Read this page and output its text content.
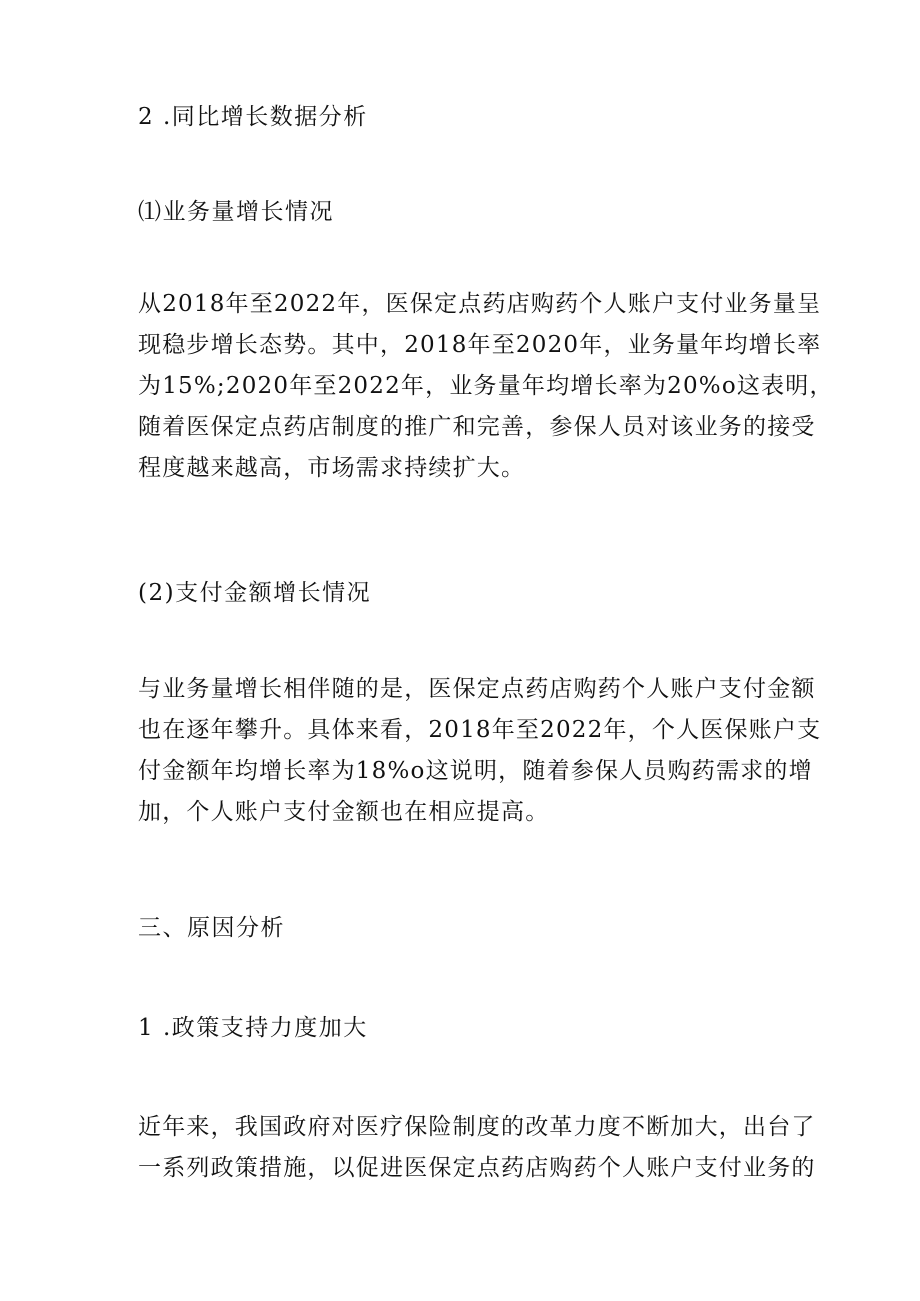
2 .同比增长数据分析
⑴业务量增长情况
从2018年至2022年，医保定点药店购药个人账户支付业务量呈
现稳步增长态势。其中，2018年至2020年，业务量年均增长率
为15%;2020年至2022年，业务量年均增长率为20%o这表明，
随着医保定点药店制度的推广和完善，参保人员对该业务的接受
程度越来越高，市场需求持续扩大。
(2)支付金额增长情况
与业务量增长相伴随的是，医保定点药店购药个人账户支付金额
也在逐年攀升。具体来看，2018年至2022年，个人医保账户支
付金额年均增长率为18%o这说明，随着参保人员购药需求的增
加，个人账户支付金额也在相应提高。
三、原因分析
1 .政策支持力度加大
近年来，我国政府对医疗保险制度的改革力度不断加大，出台了
一系列政策措施，以促进医保定点药店购药个人账户支付业务的
